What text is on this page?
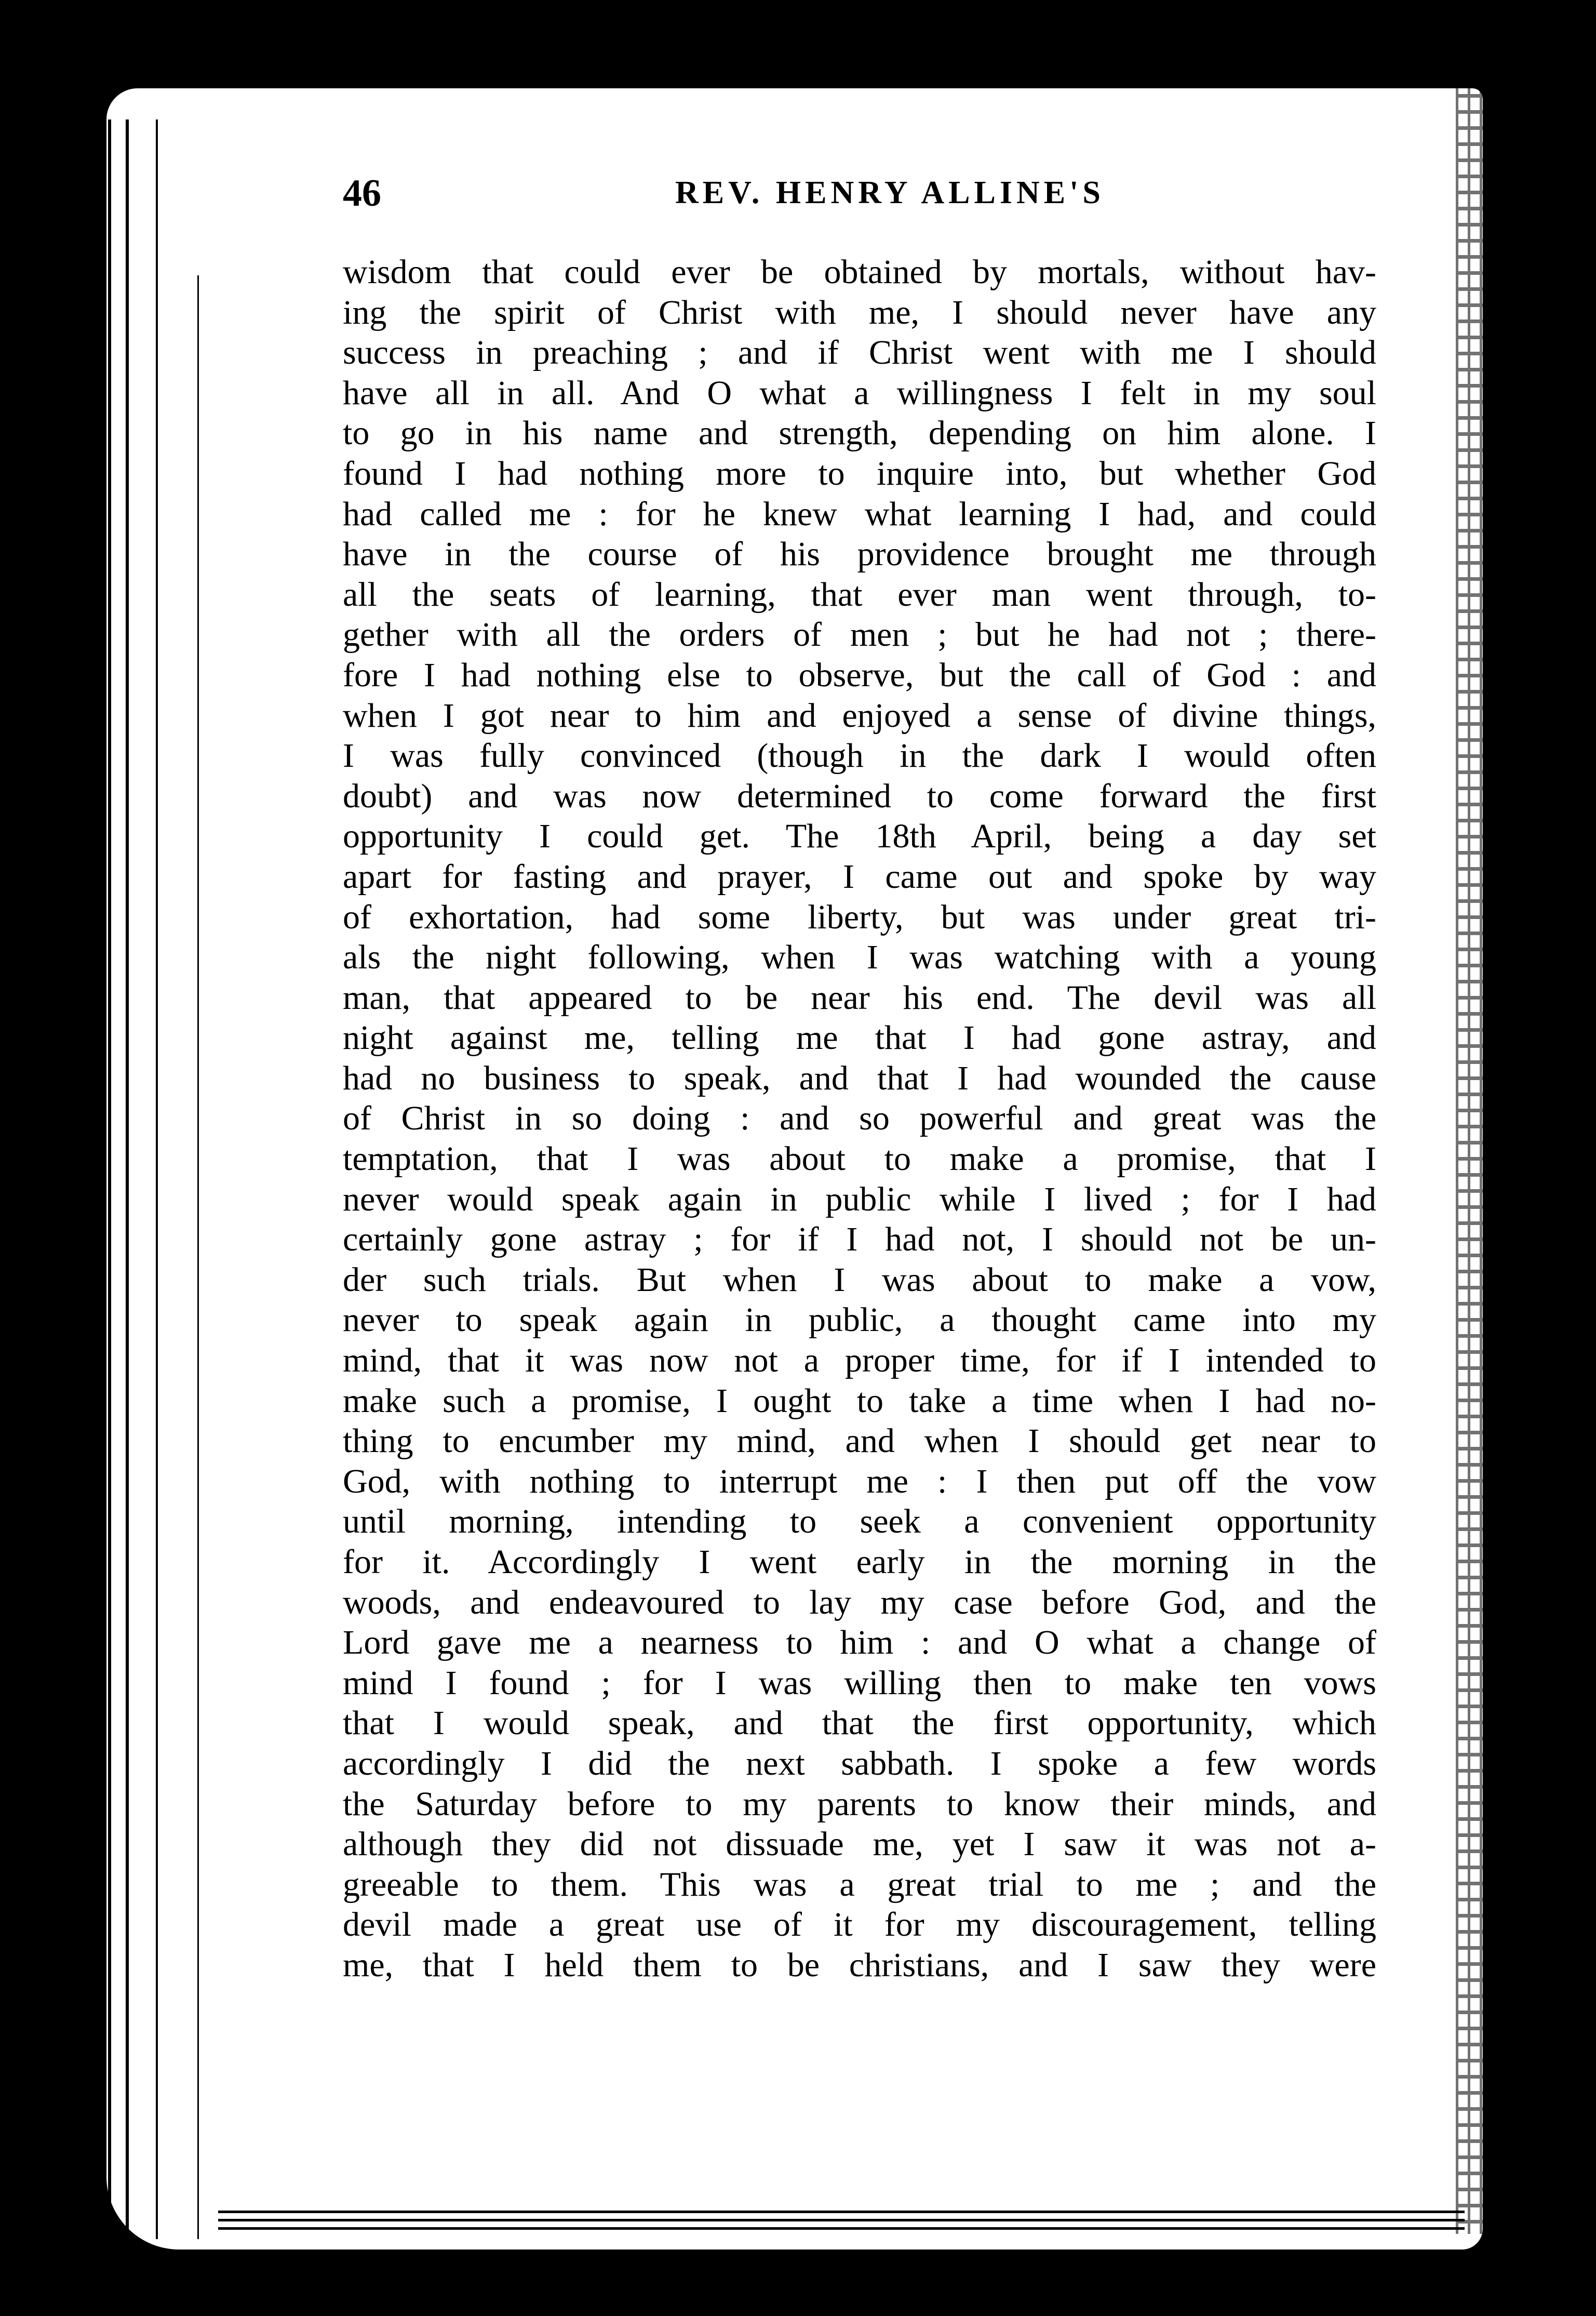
46	REV. HENRY ALLINE'S
wisdom that could ever be obtained by mortals, without hav-
ing the spirit of Christ with me, I should never have any
success in preaching ; and if Christ went with me I should
have all in all. And O what a willingness I felt in my soul
to go in his name and strength, depending on him alone. I
found I had nothing more to inquire into, but whether God
had called me : for he knew what learning I had, and could
have in the course of his providence brought me through
all the seats of learning, that ever man went through, to-
gether with all the orders of men ; but he had not ; there-
fore I had nothing else to observe, but the call of God : and
when I got near to him and enjoyed a sense of divine things,
I was fully convinced (though in the dark I would often
doubt) and was now determined to come forward the first
opportunity I could get. The 18th April, being a day set
apart for fasting and prayer, I came out and spoke by way
of exhortation, had some liberty, but was under great tri-
als the night following, when I was watching with a young
man, that appeared to be near his end. The devil was all
night against me, telling me that I had gone astray, and
had no business to speak, and that I had wounded the cause
of Christ in so doing : and so powerful and great was the
temptation, that I was about to make a promise, that I
never would speak again in public while I lived ; for I had
certainly gone astray ; for if I had not, I should not be un-
der such trials. But when I was about to make a vow,
never to speak again in public, a thought came into my
mind, that it was now not a proper time, for if I intended to
make such a promise, I ought to take a time when I had no-
thing to encumber my mind, and when I should get near to
God, with nothing to interrupt me : I then put off the vow
until morning, intending to seek a convenient opportunity
for it. Accordingly I went early in the morning in the
woods, and endeavoured to lay my case before God, and the
Lord gave me a nearness to him : and O what a change of
mind I found ; for I was willing then to make ten vows
that I would speak, and that the first opportunity, which
accordingly I did the next sabbath. I spoke a few words
the Saturday before to my parents to know their minds, and
although they did not dissuade me, yet I saw it was not a-
greeable to them. This was a great trial to me ; and the
devil made a great use of it for my discouragement, telling
me, that I held them to be christians, and I saw they were
